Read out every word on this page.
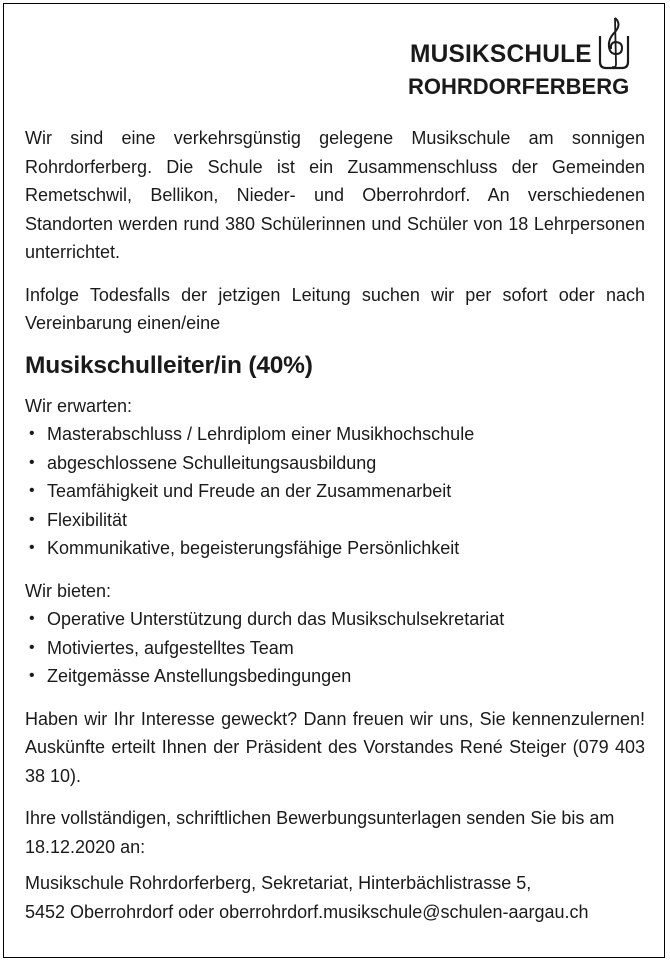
MUSIKSCHULE
ROHRDORFERBERG

Wir sind eine verkehrsgünstig gelegene Musikschule am sonnigen Rohrdorferberg. Die Schule ist ein Zusammenschluss der Gemeinden Remetschwil, Bellikon, Nieder- und Oberrohrdorf. An verschiedenen Standorten werden rund 380 Schülerinnen und Schüler von 18 Lehrpersonen unterrichtet.

Infolge Todesfalls der jetzigen Leitung suchen wir per sofort oder nach Vereinbarung einen/eine

Musikschulleiter/in (40%)

Wir erwarten:

• Masterabschluss / Lehrdiplom einer Musikhochschule
• abgeschlossene Schulleitungsausbildung
• Teamfähigkeit und Freude an der Zusammenarbeit
• Flexibilität
• Kommunikative, begeisterungsfähige Persönlichkeit

Wir bieten:

• Operative Unterstützung durch das Musikschulsekretariat
• Motiviertes, aufgestelltes Team
• Zeitgemässe Anstellungsbedingungen

Haben wir Ihr Interesse geweckt? Dann freuen wir uns, Sie kennenzulernen! Auskünfte erteilt Ihnen der Präsident des Vorstandes René Steiger (079 403 38 10).

Ihre vollständigen, schriftlichen Bewerbungsunterlagen senden Sie bis am 18.12.2020 an:

Musikschule Rohrdorferberg, Sekretariat, Hinterbächlistrasse 5,

5452 Oberrohrdorf oder oberrohrdorf.musikschule@schulen-aargau.ch
